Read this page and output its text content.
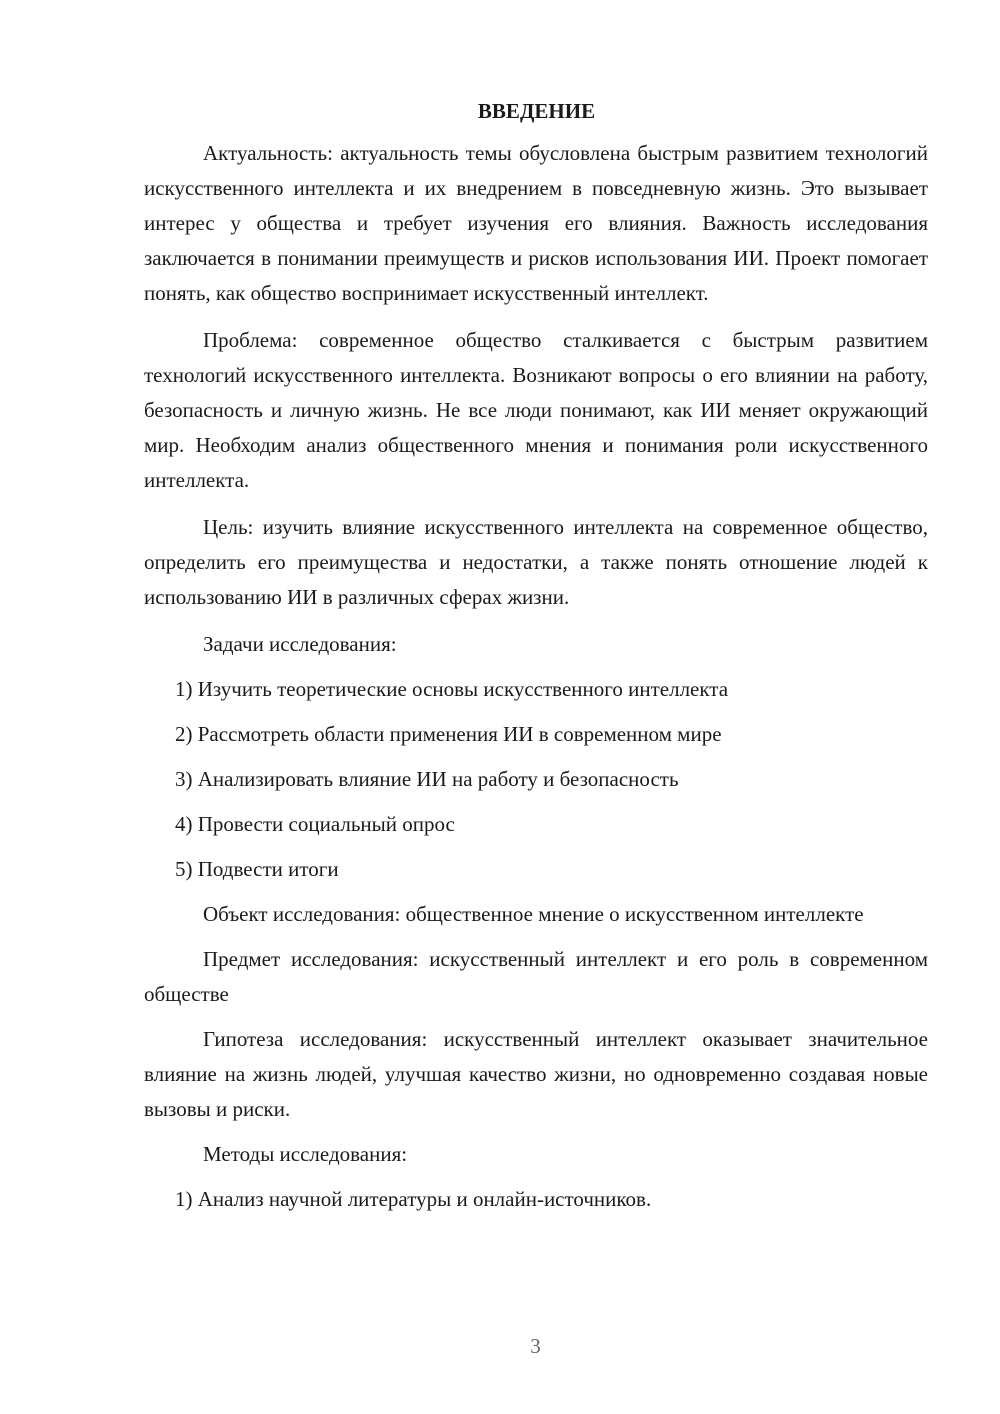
ВВЕДЕНИЕ

Актуальность: актуальность темы обусловлена быстрым развитием технологий искусственного интеллекта и их внедрением в повседневную жизнь. Это вызывает интерес у общества и требует изучения его влияния. Важность исследования заключается в понимании преимуществ и рисков использования ИИ. Проект помогает понять, как общество воспринимает искусственный интеллект.

Проблема: современное общество сталкивается с быстрым развитием технологий искусственного интеллекта. Возникают вопросы о его влиянии на работу, безопасность и личную жизнь. Не все люди понимают, как ИИ меняет окружающий мир. Необходим анализ общественного мнения и понимания роли искусственного интеллекта.

Цель: изучить влияние искусственного интеллекта на современное общество, определить его преимущества и недостатки, а также понять отношение людей к использованию ИИ в различных сферах жизни.

Задачи исследования:

1) Изучить теоретические основы искусственного интеллекта

2) Рассмотреть области применения ИИ в современном мире

3) Анализировать влияние ИИ на работу и безопасность

4) Провести социальный опрос

5) Подвести итоги

Объект исследования: общественное мнение о искусственном интеллекте

Предмет исследования: искусственный интеллект и его роль в современном обществе

Гипотеза исследования: искусственный интеллект оказывает значительное влияние на жизнь людей, улучшая качество жизни, но одновременно создавая новые вызовы и риски.

Методы исследования:

1) Анализ научной литературы и онлайн-источников.

3
